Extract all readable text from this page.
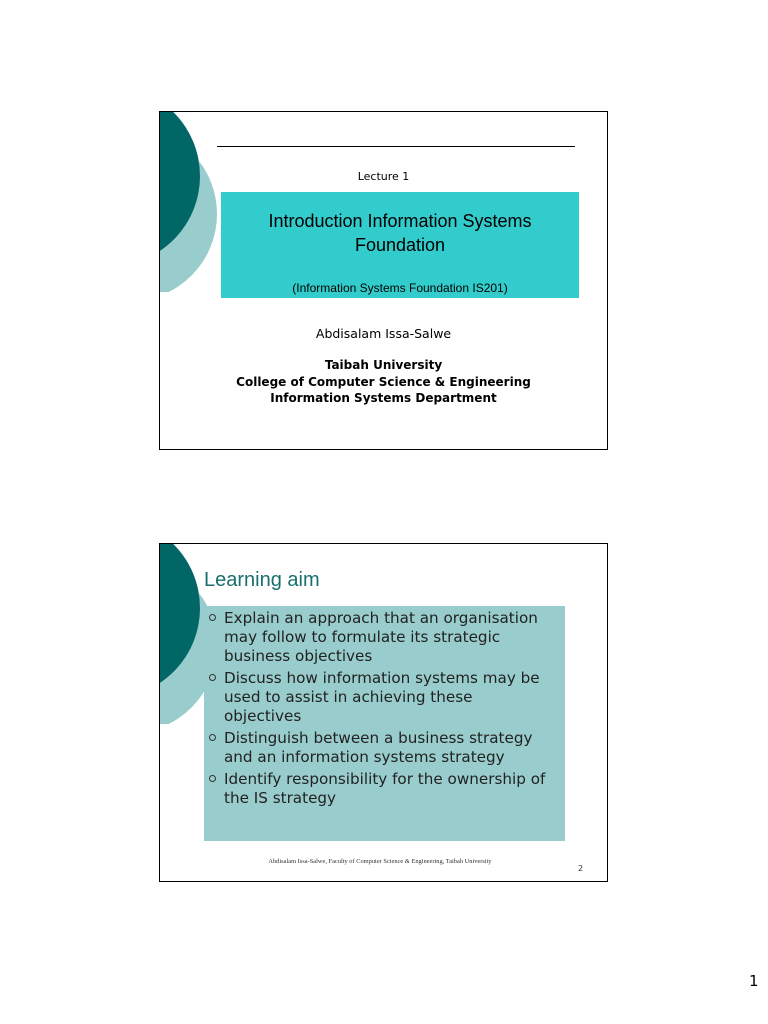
Lecture 1
Introduction Information Systems
Foundation
(Information Systems Foundation IS201)
Abdisalam Issa-Salwe
Taibah University
College of Computer Science & Engineering
Information Systems Department
Learning aim
Explain an approach that an organisation
may follow to formulate its strategic
business objectives
Discuss how information systems may be
used to assist in achieving these
objectives
Distinguish between a business strategy
and an information systems strategy
Identify responsibility for the ownership of
the IS strategy
Abdisalam Issa-Salwe, Faculty of Computer Science & Engineering, Taibah University
2
1
